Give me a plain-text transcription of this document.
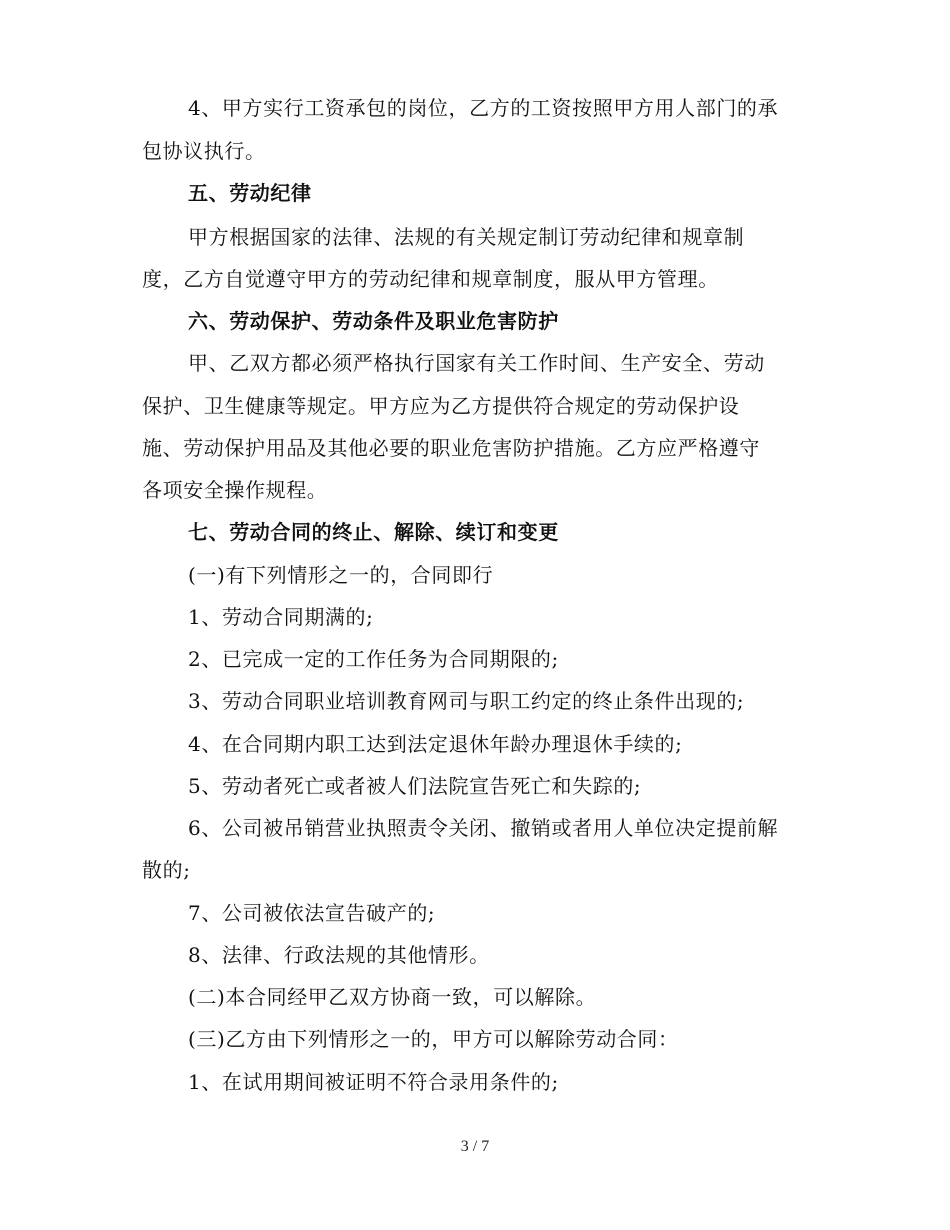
4、甲方实行工资承包的岗位，乙方的工资按照甲方用人部门的承
包协议执行。
五、劳动纪律
甲方根据国家的法律、法规的有关规定制订劳动纪律和规章制
度，乙方自觉遵守甲方的劳动纪律和规章制度，服从甲方管理。
六、劳动保护、劳动条件及职业危害防护
甲、乙双方都必须严格执行国家有关工作时间、生产安全、劳动
保护、卫生健康等规定。甲方应为乙方提供符合规定的劳动保护设
施、劳动保护用品及其他必要的职业危害防护措施。乙方应严格遵守
各项安全操作规程。
七、劳动合同的终止、解除、续订和变更
(一)有下列情形之一的，合同即行
1、劳动合同期满的;
2、已完成一定的工作任务为合同期限的;
3、劳动合同职业培训教育网司与职工约定的终止条件出现的;
4、在合同期内职工达到法定退休年龄办理退休手续的;
5、劳动者死亡或者被人们法院宣告死亡和失踪的;
6、公司被吊销营业执照责令关闭、撤销或者用人单位决定提前解
散的;
7、公司被依法宣告破产的;
8、法律、行政法规的其他情形。
(二)本合同经甲乙双方协商一致，可以解除。
(三)乙方由下列情形之一的，甲方可以解除劳动合同：
1、在试用期间被证明不符合录用条件的;
3 / 7
